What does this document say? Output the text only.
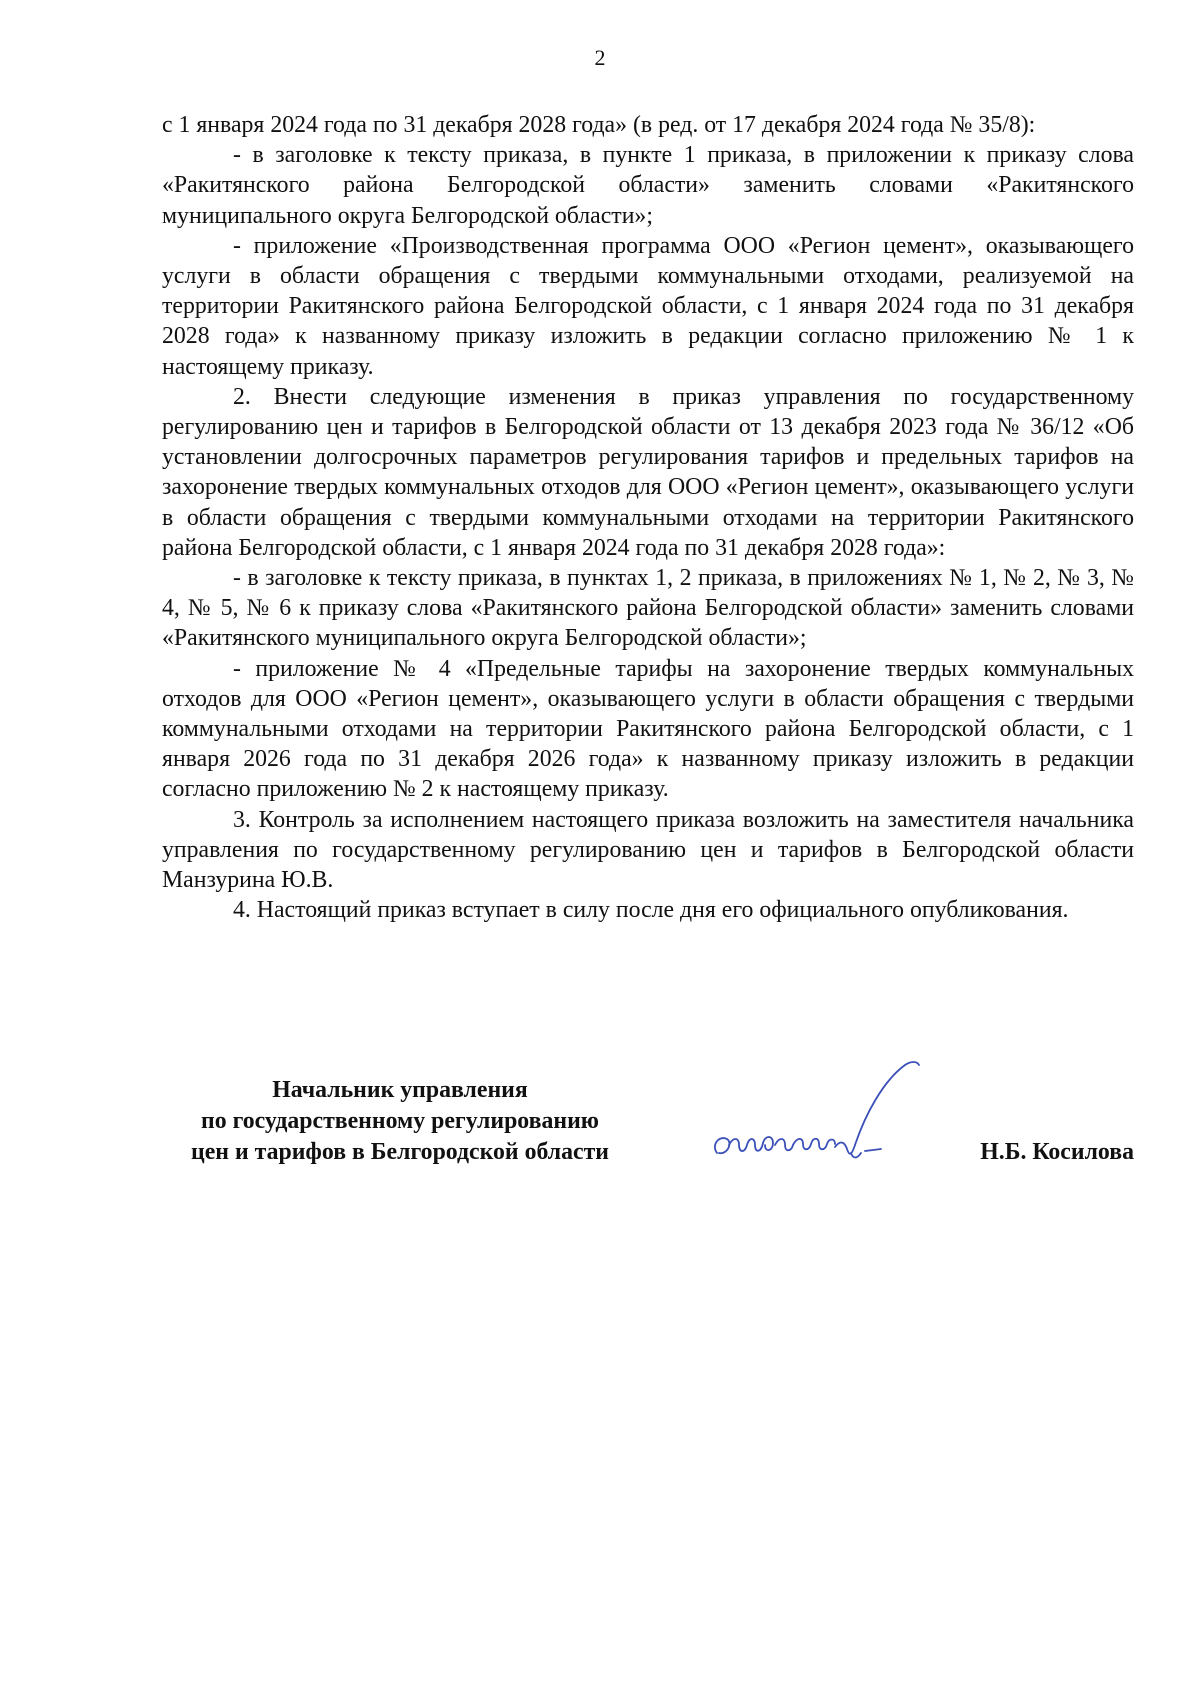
2

с 1 января 2024 года по 31 декабря 2028 года» (в ред. от 17 декабря 2024 года № 35/8):

- в заголовке к тексту приказа, в пункте 1 приказа, в приложении к приказу слова «Ракитянского района Белгородской области» заменить словами «Ракитянского муниципального округа Белгородской области»;

- приложение «Производственная программа ООО «Регион цемент», оказывающего услуги в области обращения с твердыми коммунальными отходами, реализуемой на территории Ракитянского района Белгородской области, с 1 января 2024 года по 31 декабря 2028 года» к названному приказу изложить в редакции согласно приложению № 1 к настоящему приказу.

2. Внести следующие изменения в приказ управления по государственному регулированию цен и тарифов в Белгородской области от 13 декабря 2023 года № 36/12 «Об установлении долгосрочных параметров регулирования тарифов и предельных тарифов на захоронение твердых коммунальных отходов для ООО «Регион цемент», оказывающего услуги в области обращения с твердыми коммунальными отходами на территории Ракитянского района Белгородской области, с 1 января 2024 года по 31 декабря 2028 года»:

- в заголовке к тексту приказа, в пунктах 1, 2 приказа, в приложениях № 1, № 2, № 3, № 4, № 5, № 6 к приказу слова «Ракитянского района Белгородской области» заменить словами «Ракитянского муниципального округа Белгородской области»;

- приложение № 4 «Предельные тарифы на захоронение твердых коммунальных отходов для ООО «Регион цемент», оказывающего услуги в области обращения с твердыми коммунальными отходами на территории Ракитянского района Белгородской области, с 1 января 2026 года по 31 декабря 2026 года» к названному приказу изложить в редакции согласно приложению № 2 к настоящему приказу.

3. Контроль за исполнением настоящего приказа возложить на заместителя начальника управления по государственному регулированию цен и тарифов в Белгородской области Манзурина Ю.В.

4. Настоящий приказ вступает в силу после дня его официального опубликования.

Начальник управления
по государственному регулированию
цен и тарифов в Белгородской области	Н.Б. Косилова
